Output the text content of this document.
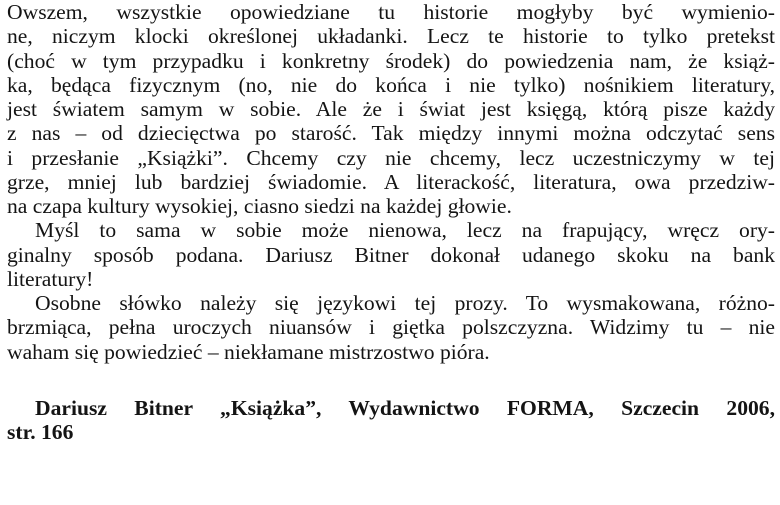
Owszem, wszystkie opowiedziane tu historie mogłyby być wymienio-
ne, niczym klocki określonej układanki. Lecz te historie to tylko pretekst
(choć w tym przypadku i konkretny środek) do powiedzenia nam, że książ-
ka, będąca fizycznym (no, nie do końca i nie tylko) nośnikiem literatury,
jest światem samym w sobie. Ale że i świat jest księgą, którą pisze każdy
z nas – od dziecięctwa po starość. Tak między innymi można odczytać sens
i przesłanie „Książki”. Chcemy czy nie chcemy, lecz uczestniczymy w tej
grze, mniej lub bardziej świadomie. A literackość, literatura, owa przedziw-
na czapa kultury wysokiej, ciasno siedzi na każdej głowie.
Myśl to sama w sobie może nienowa, lecz na frapujący, wręcz ory-
ginalny sposób podana. Dariusz Bitner dokonał udanego skoku na bank
literatury!
Osobne słówko należy się językowi tej prozy. To wysmakowana, różno-
brzmiąca, pełna uroczych niuansów i giętka polszczyzna. Widzimy tu – nie
waham się powiedzieć – niekłamane mistrzostwo pióra.
Dariusz Bitner „Książka”, Wydawnictwo FORMA, Szczecin 2006,
str. 166
